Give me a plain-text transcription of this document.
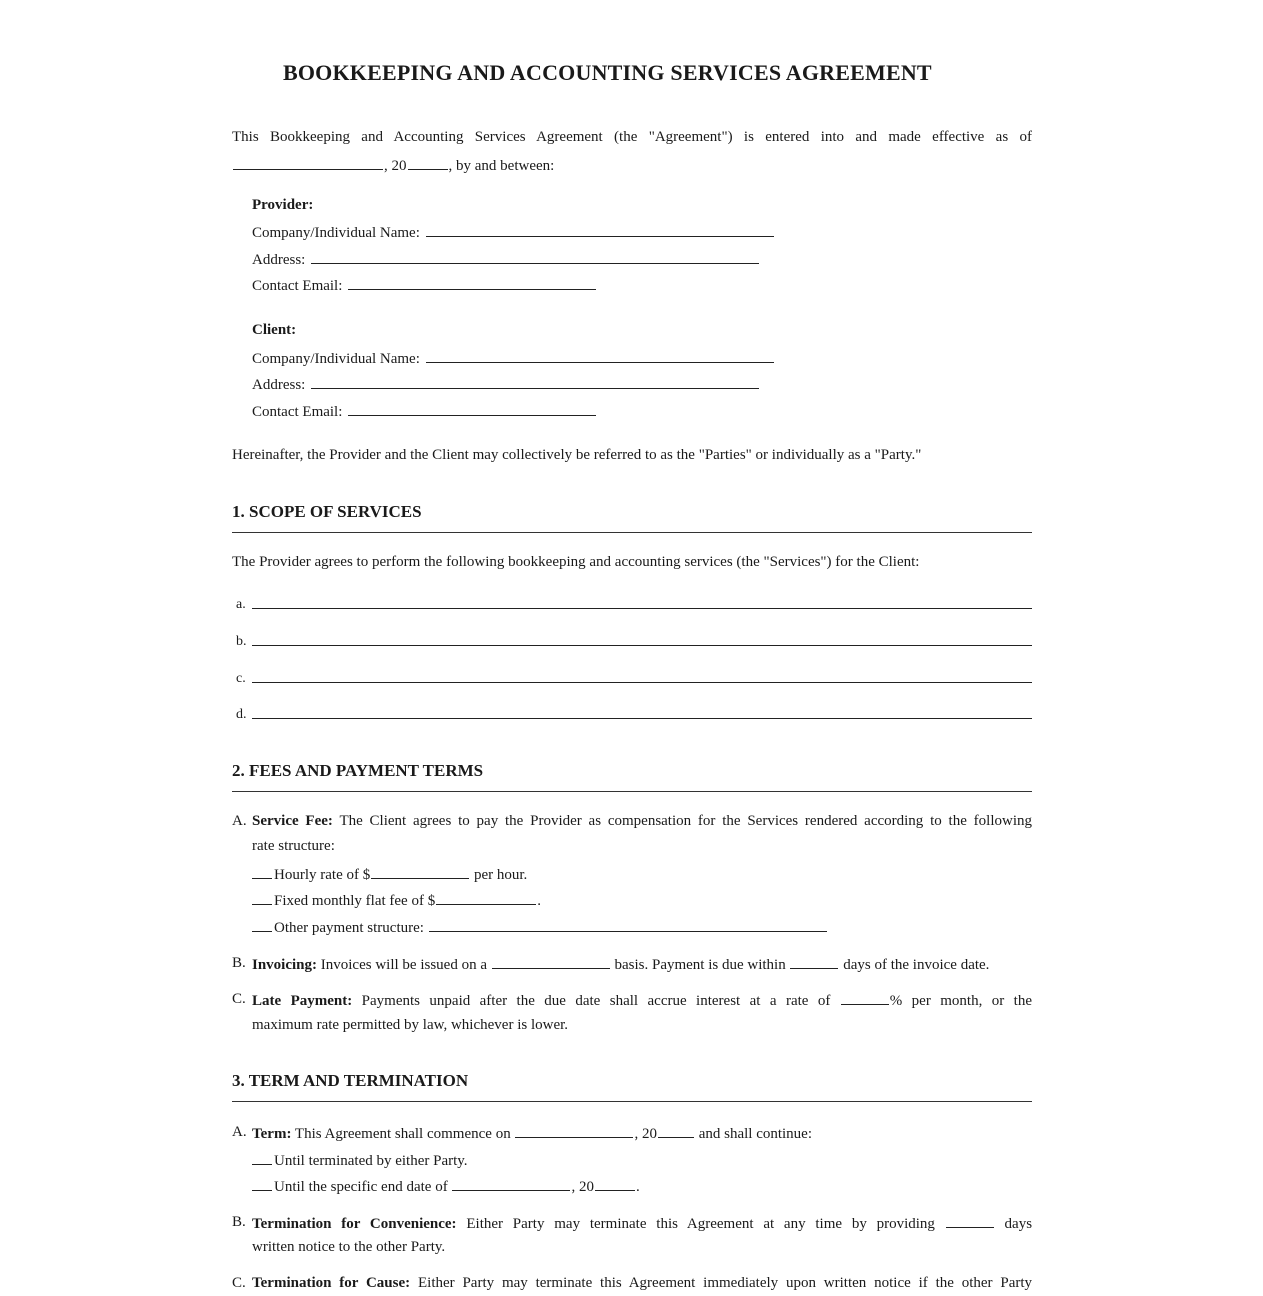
BOOKKEEPING AND ACCOUNTING SERVICES AGREEMENT
This Bookkeeping and Accounting Services Agreement (the "Agreement") is entered into and made effective as of
, 20	, by and between:
Provider:
Company/Individual Name:
Address:
Contact Email:
Client:
Company/Individual Name:
Address:
Contact Email:
Hereinafter, the Provider and the Client may collectively be referred to as the "Parties" or individually as a "Party."
1. SCOPE OF SERVICES
The Provider agrees to perform the following bookkeeping and accounting services (the "Services") for the Client:
a.
b.
c.
d.
2. FEES AND PAYMENT TERMS
A. Service Fee: The Client agrees to pay the Provider as compensation for the Services rendered according to the following
rate structure:
Hourly rate of $	per hour.
Fixed monthly flat fee of $	.
Other payment structure:
B. Invoicing: Invoices will be issued on a	basis. Payment is due within	days of the invoice date.
C. Late Payment: Payments unpaid after the due date shall accrue interest at a rate of	% per month, or the
maximum rate permitted by law, whichever is lower.
3. TERM AND TERMINATION
A. Term: This Agreement shall commence on	, 20	and shall continue:
Until terminated by either Party.
Until the specific end date of	, 20	.
B. Termination for Convenience: Either Party may terminate this Agreement at any time by providing	days
written notice to the other Party.
C. Termination for Cause: Either Party may terminate this Agreement immediately upon written notice if the other Party
